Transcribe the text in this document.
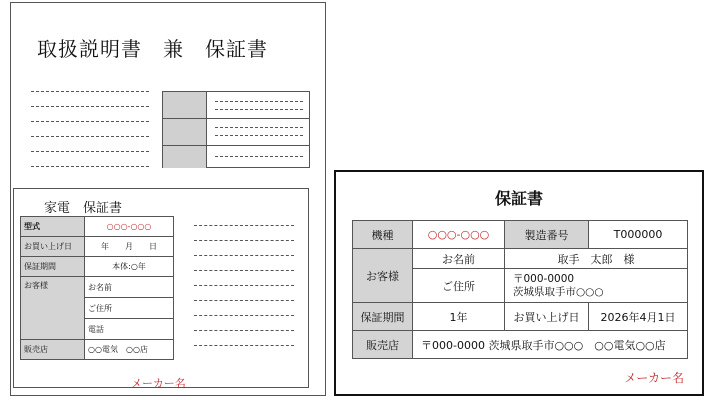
取扱説明書　兼　保証書
家電　保証書
型式	○○○-○○○
お買い上げ日	年　　月　　日
保証期間	本体:○年
お客様	お名前
	ご住所
	電話
販売店	○○電気　○○店
メーカー名
保証書
機種	○○○-○○○	製造番号	T000000
お客様	お名前	取手　太郎　様	
	ご住所	〒000-0000
茨城県取手市○○○	

保証期間	1年	お買い上げ日	2026年4月1日
販売店	〒000-0000 茨城県取手市○○○　○○電気○○店		
メーカー名
